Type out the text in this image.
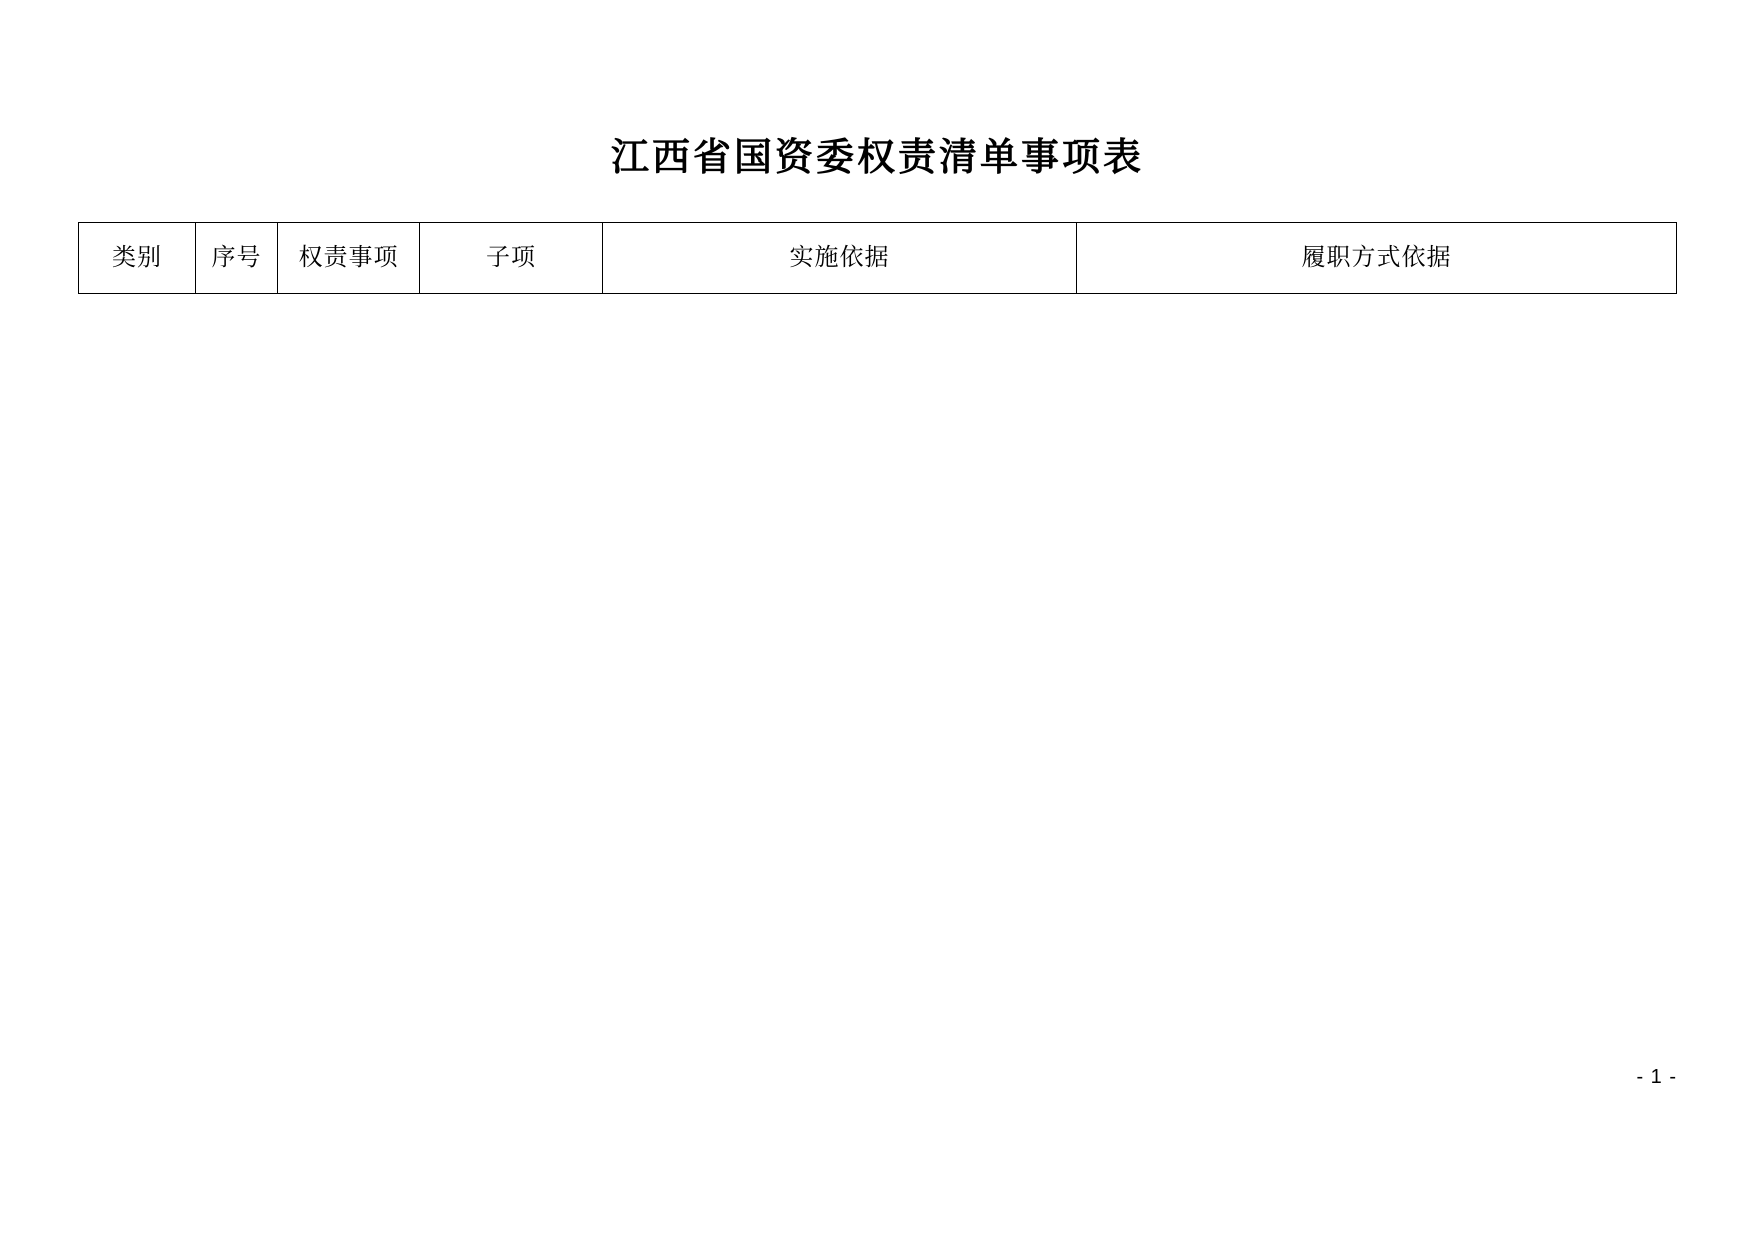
江西省国资委权责清单事项表
类别	序号	权责事项	子项	实施依据	履职方式依据
- 1 -
